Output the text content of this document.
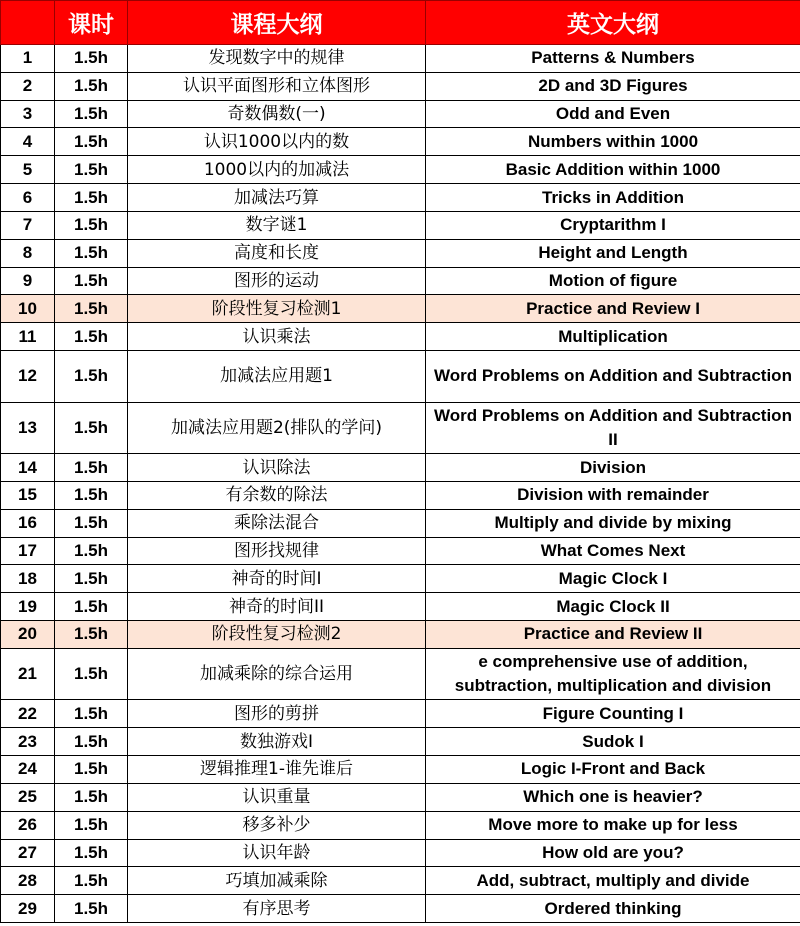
	课时	课程大纲	英文大纲
1	1.5h	发现数字中的规律	Patterns & Numbers
2	1.5h	认识平面图形和立体图形	2D and 3D Figures
3	1.5h	奇数偶数(一)	Odd and Even
4	1.5h	认识1000以内的数	Numbers within 1000
5	1.5h	1000以内的加减法	Basic Addition within 1000
6	1.5h	加减法巧算	Tricks in Addition
7	1.5h	数字谜1	Cryptarithm I
8	1.5h	高度和长度	Height and Length
9	1.5h	图形的运动	Motion of figure
10	1.5h	阶段性复习检测1	Practice and Review I
11	1.5h	认识乘法	Multiplication
12	1.5h	加减法应用题1	Word Problems on Addition and Subtraction
13	1.5h	加减法应用题2(排队的学问)	Word Problems on Addition and Subtraction II
14	1.5h	认识除法	Division
15	1.5h	有余数的除法	Division with remainder
16	1.5h	乘除法混合	Multiply and divide by mixing
17	1.5h	图形找规律	What Comes Next
18	1.5h	神奇的时间I	Magic Clock I
19	1.5h	神奇的时间II	Magic Clock II
20	1.5h	阶段性复习检测2	Practice and Review II
21	1.5h	加减乘除的综合运用	e comprehensive use of addition, subtraction, multiplication and division
22	1.5h	图形的剪拼	Figure Counting I
23	1.5h	数独游戏I	Sudok I
24	1.5h	逻辑推理1-谁先谁后	Logic I-Front and Back
25	1.5h	认识重量	Which one is heavier?
26	1.5h	移多补少	Move more to make up for less
27	1.5h	认识年龄	How old are you?
28	1.5h	巧填加减乘除	Add, subtract, multiply and divide
29	1.5h	有序思考	Ordered thinking
